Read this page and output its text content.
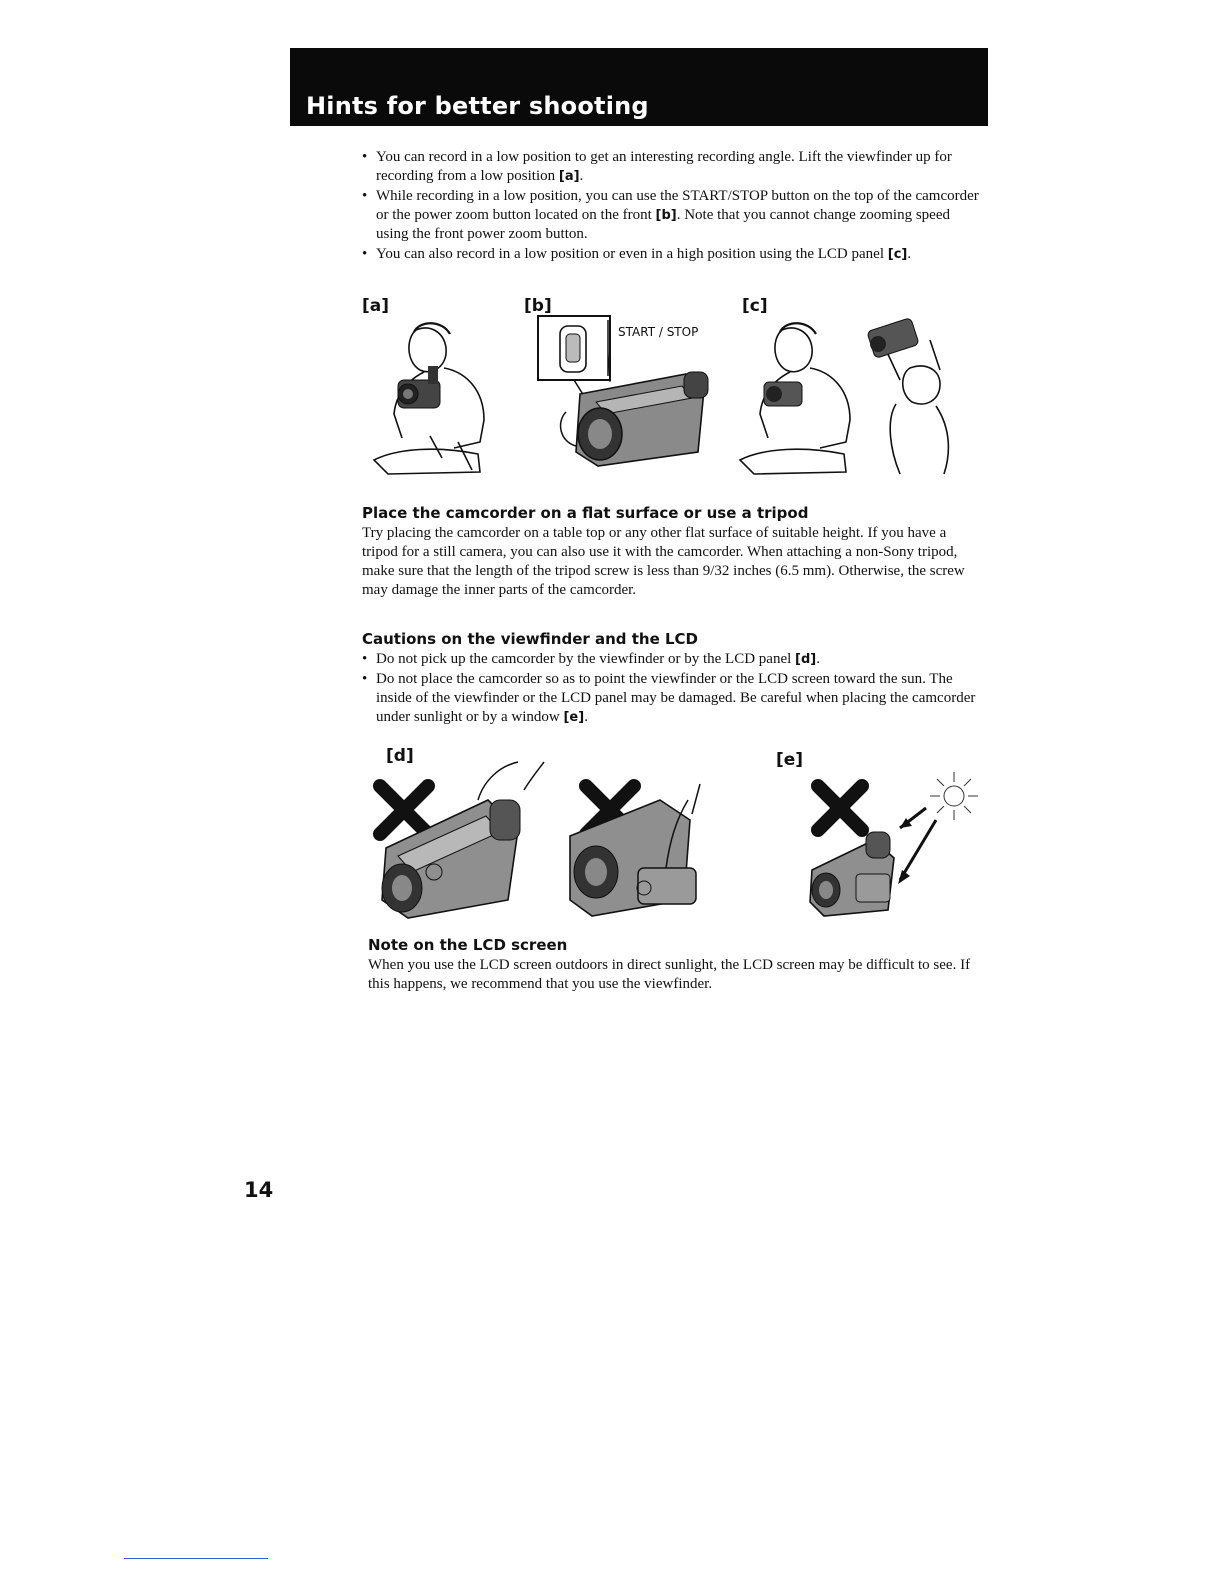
Hints for better shooting
• You can record in a low position to get an interesting recording angle. Lift the viewfinder up for recording from a low position [a].
• While recording in a low position, you can use the START/STOP button on the top of the camcorder or the power zoom button located on the front [b]. Note that you cannot change zooming speed using the front power zoom button.
• You can also record in a low position or even in a high position using the LCD panel [c].
[a]	[b]	[c]
START / STOP
Place the camcorder on a flat surface or use a tripod
Try placing the camcorder on a table top or any other flat surface of suitable height. If you have a tripod for a still camera, you can also use it with the camcorder. When attaching a non-Sony tripod, make sure that the length of the tripod screw is less than 9/32 inches (6.5 mm). Otherwise, the screw may damage the inner parts of the camcorder.
Cautions on the viewfinder and the LCD
• Do not pick up the camcorder by the viewfinder or by the LCD panel [d].
• Do not place the camcorder so as to point the viewfinder or the LCD screen toward the sun. The inside of the viewfinder or the LCD panel may be damaged. Be careful when placing the camcorder under sunlight or by a window [e].
[d]	[e]
Note on the LCD screen
When you use the LCD screen outdoors in direct sunlight, the LCD screen may be difficult to see. If this happens, we recommend that you use the viewfinder.
14
